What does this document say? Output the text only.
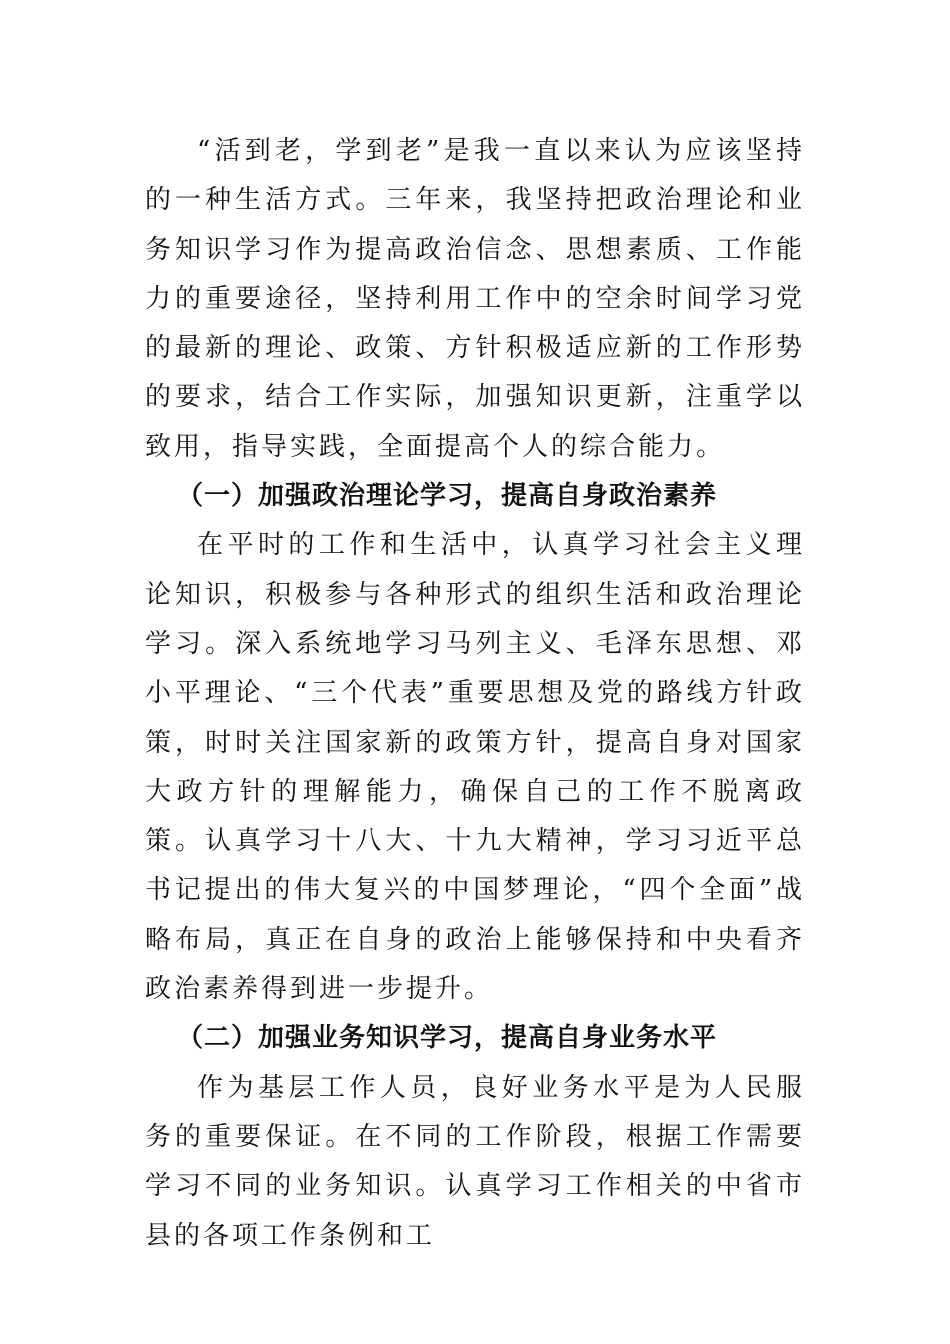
“活到老，学到老”是我一直以来认为应该坚持的一种生活方式。三年来，我坚持把政治理论和业务知识学习作为提高政治信念、思想素质、工作能力的重要途径，坚持利用工作中的空余时间学习党的最新的理论、政策、方针积极适应新的工作形势的要求，结合工作实际，加强知识更新，注重学以致用，指导实践，全面提高个人的综合能力。

（一）加强政治理论学习，提高自身政治素养

在平时的工作和生活中，认真学习社会主义理论知识，积极参与各种形式的组织生活和政治理论学习。深入系统地学习马列主义、毛泽东思想、邓小平理论、“三个代表”重要思想及党的路线方针政策，时时关注国家新的政策方针，提高自身对国家大政方针的理解能力，确保自己的工作不脱离政策。认真学习十八大、十九大精神，学习习近平总书记提出的伟大复兴的中国梦理论，“四个全面”战略布局，真正在自身的政治上能够保持和中央看齐政治素养得到进一步提升。

（二）加强业务知识学习，提高自身业务水平

作为基层工作人员，良好业务水平是为人民服务的重要保证。在不同的工作阶段，根据工作需要学习不同的业务知识。认真学习工作相关的中省市县的各项工作条例和工
